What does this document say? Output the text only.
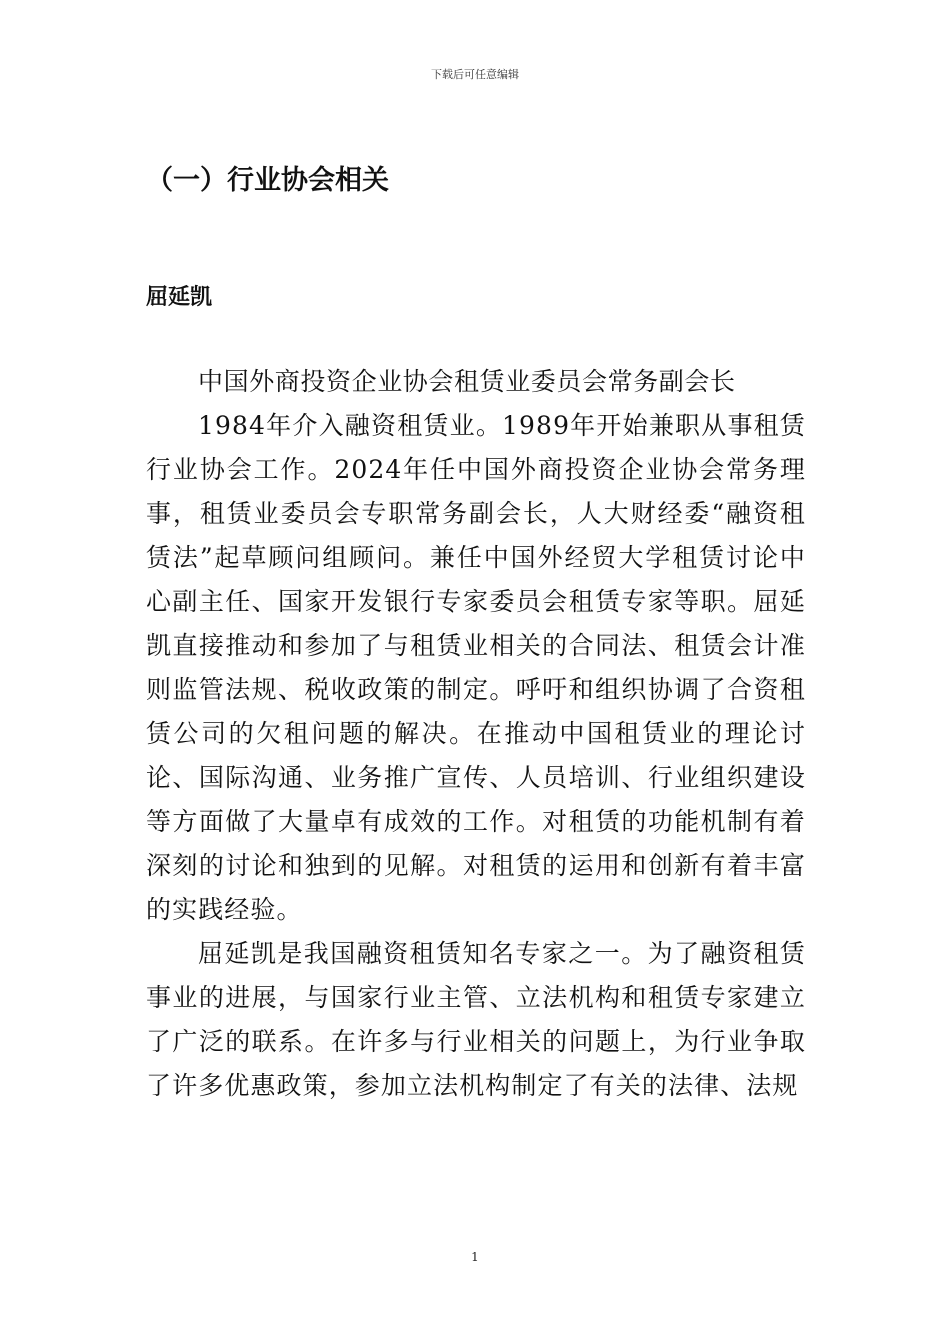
下载后可任意编辑
（一）行业协会相关
屈延凯

中国外商投资企业协会租赁业委员会常务副会长

1984年介入融资租赁业。1989年开始兼职从事租赁行业协会工作。2024年任中国外商投资企业协会常务理事，租赁业委员会专职常务副会长，人大财经委“融资租赁法”起草顾问组顾问。兼任中国外经贸大学租赁讨论中心副主任、国家开发银行专家委员会租赁专家等职。屈延凯直接推动和参加了与租赁业相关的合同法、租赁会计准则监管法规、税收政策的制定。呼吁和组织协调了合资租赁公司的欠租问题的解决。在推动中国租赁业的理论讨论、国际沟通、业务推广宣传、人员培训、行业组织建设等方面做了大量卓有成效的工作。对租赁的功能机制有着深刻的讨论和独到的见解。对租赁的运用和创新有着丰富的实践经验。

屈延凯是我国融资租赁知名专家之一。为了融资租赁事业的进展，与国家行业主管、立法机构和租赁专家建立了广泛的联系。在许多与行业相关的问题上，为行业争取了许多优惠政策，参加立法机构制定了有关的法律、法规

1
